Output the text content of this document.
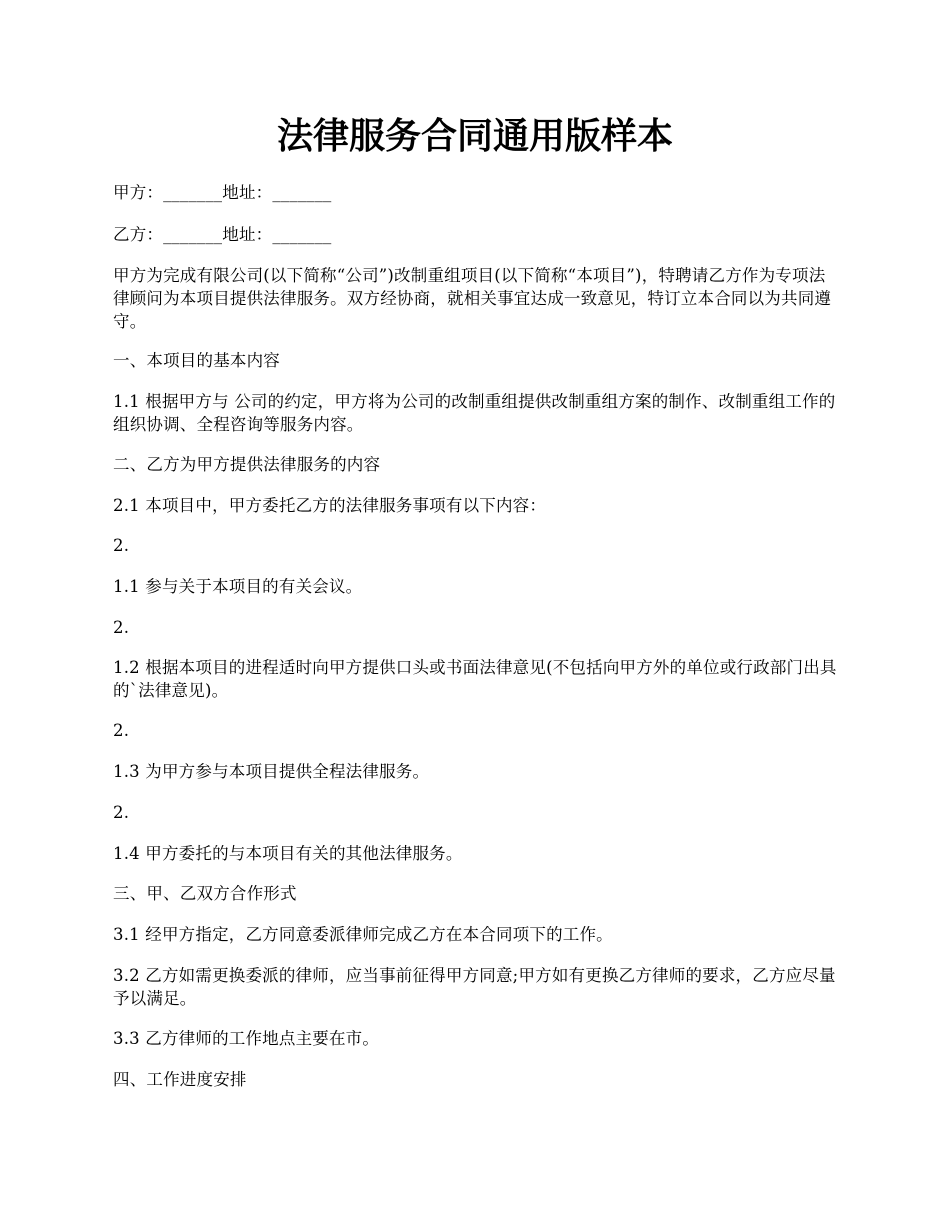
法律服务合同通用版样本

甲方：_______地址：_______

乙方：_______地址：_______

甲方为完成有限公司(以下简称“公司”)改制重组项目(以下简称“本项目”)，特聘请乙方作为专项法律顾问为本项目提供法律服务。双方经协商，就相关事宜达成一致意见，特订立本合同以为共同遵守。

一、本项目的基本内容

1.1 根据甲方与 公司的约定，甲方将为公司的改制重组提供改制重组方案的制作、改制重组工作的组织协调、全程咨询等服务内容。

二、乙方为甲方提供法律服务的内容

2.1 本项目中，甲方委托乙方的法律服务事项有以下内容：

2.

1.1 参与关于本项目的有关会议。

2.

1.2 根据本项目的进程适时向甲方提供口头或书面法律意见(不包括向甲方外的单位或行政部门出具的`法律意见)。

2.

1.3 为甲方参与本项目提供全程法律服务。

2.

1.4 甲方委托的与本项目有关的其他法律服务。

三、甲、乙双方合作形式

3.1 经甲方指定，乙方同意委派律师完成乙方在本合同项下的工作。

3.2 乙方如需更换委派的律师，应当事前征得甲方同意;甲方如有更换乙方律师的要求，乙方应尽量予以满足。

3.3 乙方律师的工作地点主要在市。

四、工作进度安排
